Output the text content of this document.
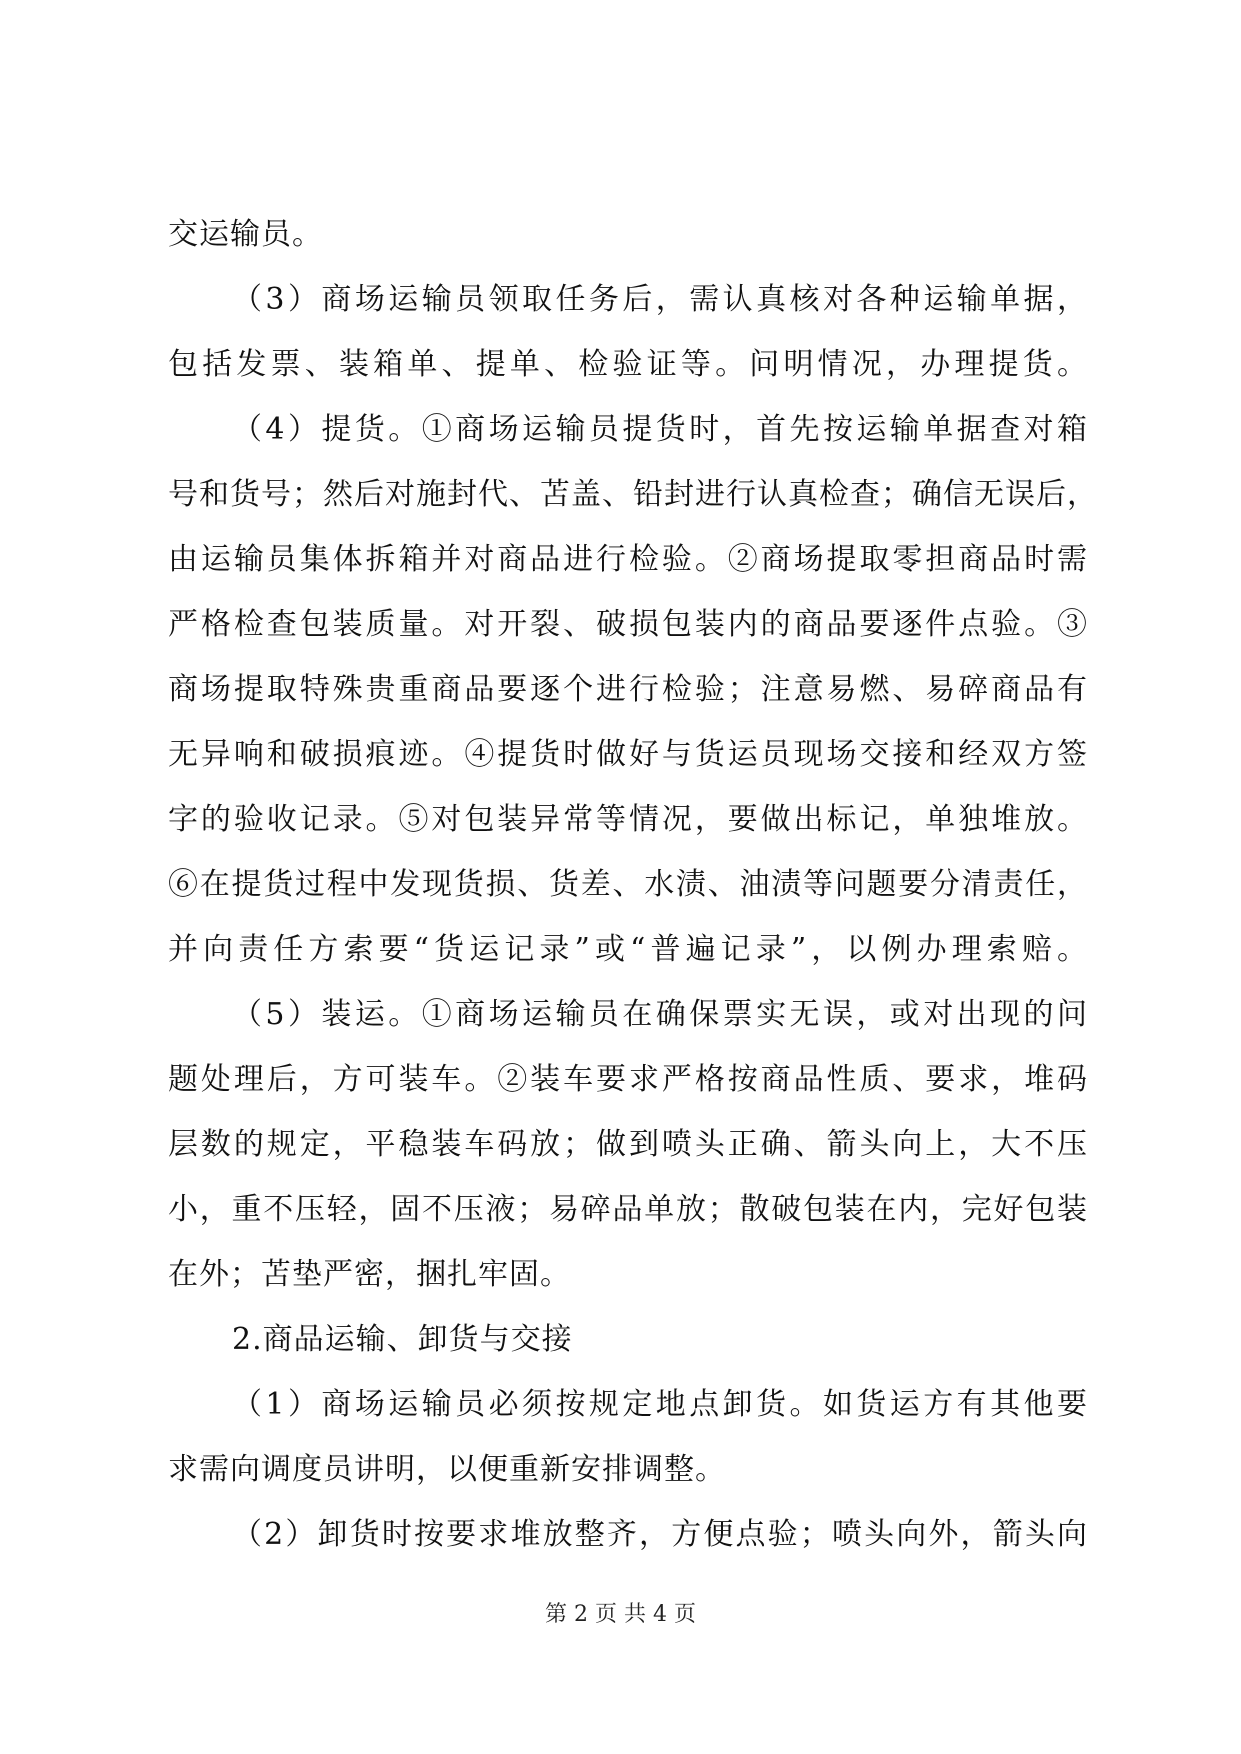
交运输员。
（3）商场运输员领取任务后，需认真核对各种运输单据，
包括发票、装箱单、提单、检验证等。问明情况，办理提货。
（4）提货。①商场运输员提货时，首先按运输单据查对箱
号和货号；然后对施封代、苫盖、铅封进行认真检查；确信无误后，
由运输员集体拆箱并对商品进行检验。②商场提取零担商品时需
严格检查包装质量。对开裂、破损包装内的商品要逐件点验。③
商场提取特殊贵重商品要逐个进行检验；注意易燃、易碎商品有
无异响和破损痕迹。④提货时做好与货运员现场交接和经双方签
字的验收记录。⑤对包装异常等情况，要做出标记，单独堆放。
⑥在提货过程中发现货损、货差、水渍、油渍等问题要分清责任，
并向责任方索要“货运记录”或“普遍记录”，以例办理索赔。
（5）装运。①商场运输员在确保票实无误，或对出现的问
题处理后，方可装车。②装车要求严格按商品性质、要求，堆码
层数的规定，平稳装车码放；做到喷头正确、箭头向上，大不压
小，重不压轻，固不压液；易碎品单放；散破包装在内，完好包装
在外；苫垫严密，捆扎牢固。
2.商品运输、卸货与交接
（1）商场运输员必须按规定地点卸货。如货运方有其他要
求需向调度员讲明，以便重新安排调整。
（2）卸货时按要求堆放整齐，方便点验；喷头向外，箭头向
第 2 页 共 4 页
